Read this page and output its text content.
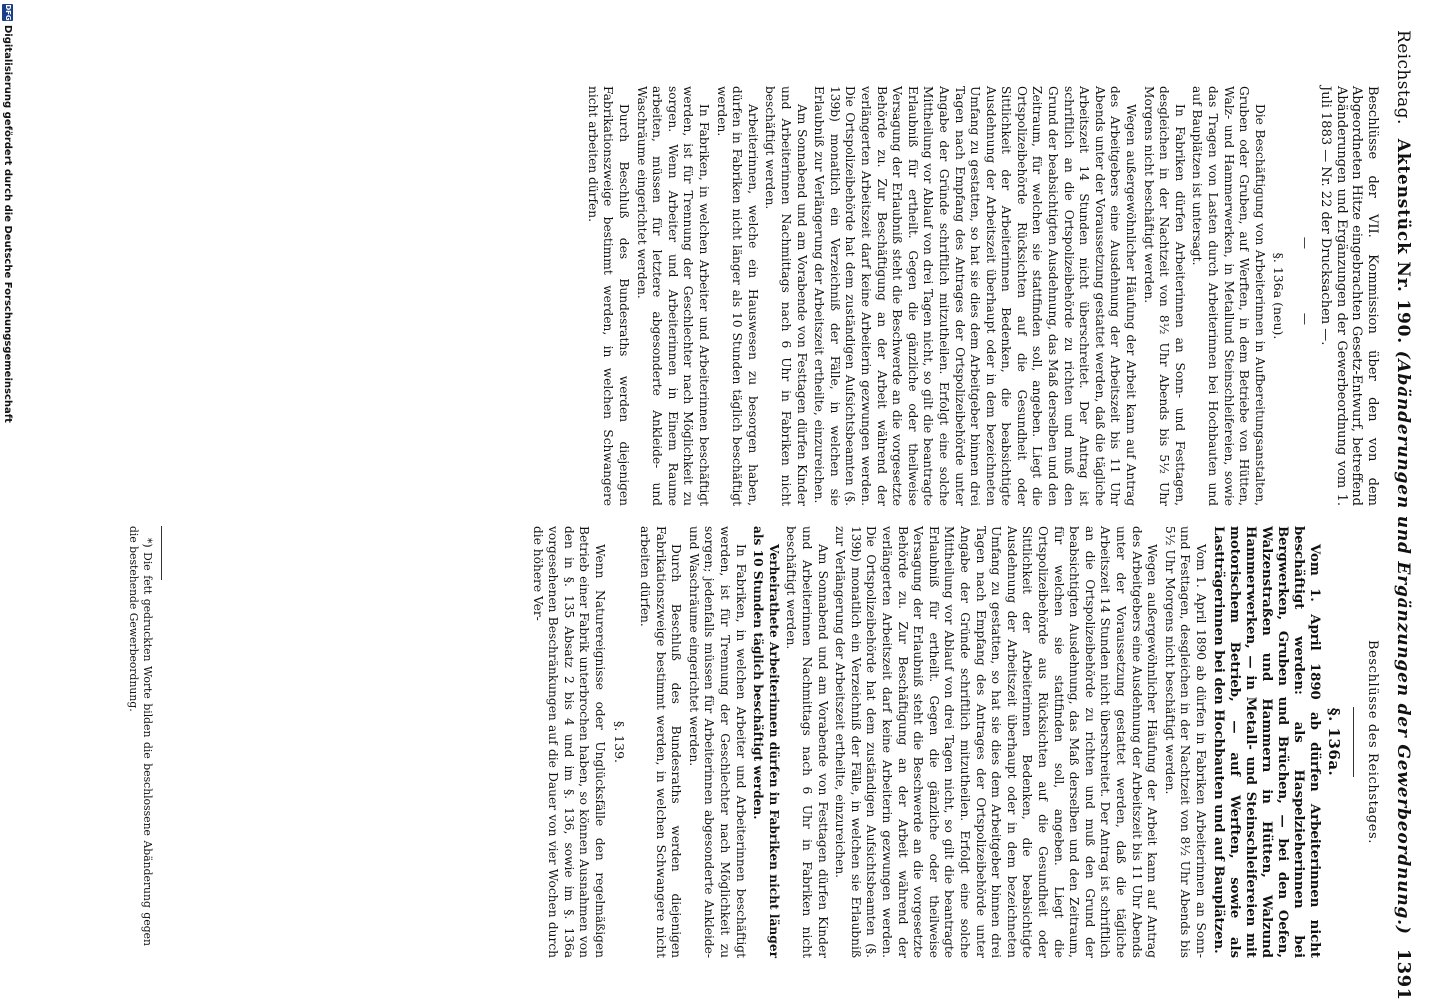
Reichstag.
Aktenstück Nr. 190. (Abänderungen und Ergänzungen der Gewerbeordnung.)
1391
Beschlüsse der VII. Kommission über den von dem Abgeordneten Hitze eingebrachten Gesetz-Entwurf, betreffend Abänderungen und Ergänzungen der Gewerbeordnung vom 1. Juli 1883 — Nr. 22 der Drucksachen —.
— —
§. 136a (neu).

Die Beschäftigung von Arbeiterinnen in Aufbereitungsanstalten, Gruben oder Gruben, auf Werften, in dem Betriebe von Hütten, Walz- und Hammerwerken, in Metallund Steinschleifereien, sowie das Tragen von Lasten durch Arbeiterinnen bei Hochbauten und auf Bauplätzen ist untersagt.

In Fabriken dürfen Arbeiterinnen an Sonn- und Festtagen, desgleichen in der Nachtzeit von 8½ Uhr Abends bis 5½ Uhr Morgens nicht beschäftigt werden.

Wegen außergewöhnlicher Häufung der Arbeit kann auf Antrag des Arbeitgebers eine Ausdehnung der Arbeitszeit bis 11 Uhr Abends unter der Voraussetzung gestattet werden, daß die tägliche Arbeitszeit 14 Stunden nicht überschreitet. Der Antrag ist schriftlich an die Ortspolizeibehörde zu richten und muß den Grund der beabsichtigten Ausdehnung, das Maß derselben und den Zeitraum, für welchen sie stattfinden soll, angeben. Liegt die Ortspolizeibehörde Rücksichten auf die Gesundheit oder Sittlichkeit der Arbeiterinnen Bedenken, die beabsichtigte Ausdehnung der Arbeitszeit überhaupt oder in dem bezeichneten Umfang zu gestatten, so hat sie dies dem Arbeitgeber binnen drei Tagen nach Empfang des Antrages der Ortspolizeibehörde unter Angabe der Gründe schriftlich mitzutheilen. Erfolgt eine solche Mittheilung vor Ablauf von drei Tagen nicht, so gilt die beantragte Erlaubniß für ertheilt. Gegen die gänzliche oder theilweise Versagung der Erlaubniß steht die Beschwerde an die vorgesetzte Behörde zu. Zur Beschäftigung an der Arbeit während der verlängerten Arbeitszeit darf keine Arbeiterin gezwungen werden. Die Ortspolizeibehörde hat dem zuständigen Aufsichtsbeamten (§. 139b) monatlich ein Verzeichniß der Fälle, in welchen sie Erlaubniß zur Verlängerung der Arbeitszeit ertheilte, einzureichen.

Am Sonnabend und am Vorabende von Festtagen dürfen Kinder und Arbeiterinnen Nachmittags nach 6 Uhr in Fabriken nicht beschäftigt werden.

Arbeiterinnen, welche ein Hauswesen zu besorgen haben, dürfen in Fabriken nicht länger als 10 Stunden täglich beschäftigt werden.

In Fabriken, in welchen Arbeiter und Arbeiterinnen beschäftigt werden, ist für Trennung der Geschlechter nach Möglichkeit zu sorgen. Wenn Arbeiter und Arbeiterinnen in Einem Raume arbeiten, müssen für letztere abgesonderte Ankleide- und Waschräume eingerichtet werden.

Durch Beschluß des Bundesraths werden diejenigen Fabrikationszweige bestimmt werden, in welchen Schwangere nicht arbeiten dürfen.

Beschlüsse des Reichstages.
§. 136a.

Vom 1. April 1890 ab dürfen Arbeiterinnen nicht beschäftigt werden: als Haspelzieherinnen bei Bergwerken, Gruben und Brüchen, — bei den Oefen, Walzenstraßen und Hammern in Hütten, Walzund Hammerwerken, — in Metall- und Steinschleifereien mit motorischem Betrieb, — auf Werften, sowie als Lastträgerinnen bei den Hochbauten und auf Bauplätzen.

Vom 1. April 1890 ab dürfen in Fabriken Arbeiterinnen an Sonn- und Festtagen, desgleichen in der Nachtzeit von 8½ Uhr Abends bis 5½ Uhr Morgens nicht beschäftigt werden.

Wegen außergewöhnlicher Häufung der Arbeit kann auf Antrag des Arbeitgebers eine Ausdehnung der Arbeitszeit bis 11 Uhr Abends unter der Voraussetzung gestattet werden, daß die tägliche Arbeitszeit 14 Stunden nicht überschreitet. Der Antrag ist schriftlich an die Ortspolizeibehörde zu richten und muß den Grund der beabsichtigten Ausdehnung, das Maß derselben und den Zeitraum, für welchen sie stattfinden soll, angeben. Liegt die Ortspolizeibehörde aus Rücksichten auf die Gesundheit oder Sittlichkeit der Arbeiterinnen Bedenken, die beabsichtigte Ausdehnung der Arbeitszeit überhaupt oder in dem bezeichneten Umfang zu gestatten, so hat sie dies dem Arbeitgeber binnen drei Tagen nach Empfang des Antrages der Ortspolizeibehörde unter Angabe der Gründe schriftlich mitzutheilen. Erfolgt eine solche Mittheilung vor Ablauf von drei Tagen nicht, so gilt die beantragte Erlaubniß für ertheilt. Gegen die gänzliche oder theilweise Versagung der Erlaubniß steht die Beschwerde an die vorgesetzte Behörde zu. Zur Beschäftigung an der Arbeit während der verlängerten Arbeitszeit darf keine Arbeiterin gezwungen werden. Die Ortspolizeibehörde hat dem zuständigen Aufsichtsbeamten (§. 139b) monatlich ein Verzeichniß der Fälle, in welchen sie Erlaubniß zur Verlängerung der Arbeitszeit ertheilte, einzureichen.

Am Sonnabend und am Vorabende von Festtagen dürfen Kinder und Arbeiterinnen Nachmittags nach 6 Uhr in Fabriken nicht beschäftigt werden.

Verheirathete Arbeiterinnen dürfen in Fabriken nicht länger als 10 Stunden täglich beschäftigt werden.

In Fabriken, in welchen Arbeiter und Arbeiterinnen beschäftigt werden, ist für Trennung der Geschlechter nach Möglichkeit zu sorgen; jedenfalls müssen für Arbeiterinnen abgesonderte Ankleide- und Waschräume eingerichtet werden.

Durch Beschluß des Bundesraths werden diejenigen Fabrikationszweige bestimmt werden, in welchen Schwangere nicht arbeiten dürfen.

§. 139.

Wenn Naturereignisse oder Unglücksfälle den regelmäßigen Betrieb einer Fabrik unterbrochen haben, so können Ausnahmen von den in §. 135 Absatz 2 bis 4 und im §. 136, sowie im §. 136a vorgesehenen Beschränkungen auf die Dauer von vier Wochen durch die höhere Ver-

*) Die fett gedruckten Worte bilden die beschlossene Abänderung gegen die bestehende Gewerbeordnung.

DFG
Digitalisierung gefördert durch die Deutsche Forschungsgemeinschaft
